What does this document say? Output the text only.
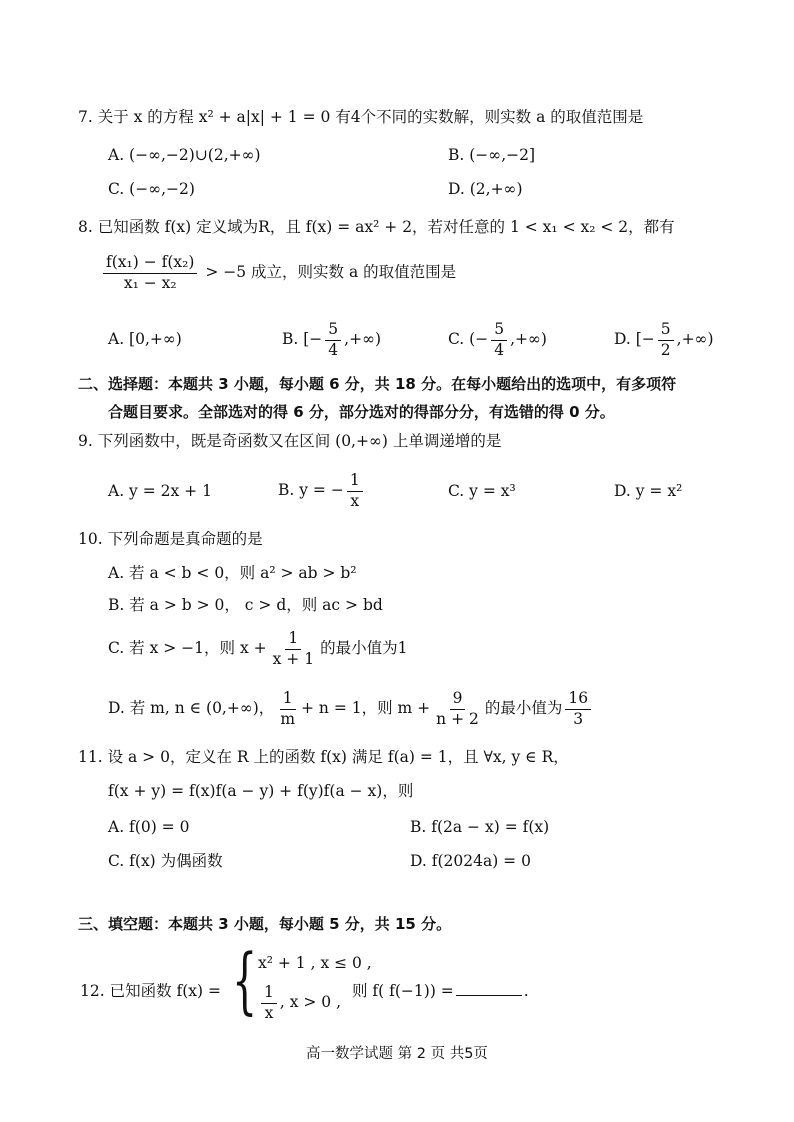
7. 关于 x 的方程 x² + a|x| + 1 = 0 有4个不同的实数解，则实数 a 的取值范围是
A. (−∞,−2)∪(2,+∞)	B. (−∞,−2]
C. (−∞,−2)	D. (2,+∞)
8. 已知函数 f(x) 定义域为R，且 f(x) = ax² + 2，若对任意的 1 < x₁ < x₂ < 2，都有
$\frac{\text{f(x₁) − f(x₂)}}{\text{x₁ − x₂}} > -5$ 成立，则实数 a 的取值范围是
A. [0,+∞)	B. [− $\frac{5}{4}$ ,+∞)	C. (− $\frac{5}{4}$ ,+∞)	D. [− $\frac{5}{2}$ ,+∞)
二、选择题：本题共 3 小题，每小题 6 分，共 18 分。在每小题给出的选项中，有多项符
合题目要求。全部选对的得 6 分，部分选对的得部分分，有选错的得 0 分。
9. 下列函数中，既是奇函数又在区间 (0,+∞) 上单调递增的是
A. y = 2x + 1	B. y = − $\frac{1}{x}$	C. y = x³	D. y = x²
10. 下列命题是真命题的是
A. 若 a < b < 0，则 a² > ab > b²
B. 若 a > b > 0， c > d，则 ac > bd
C. 若 x > −1，则 $x + \frac{1}{x + 1}$ 的最小值为1
D. 若 m, n ∈ (0,+∞)， $\frac{1}{m} + n = 1$，则 $m + \frac{9}{n + 2}$ 的最小值为 $\frac{16}{3}$
11. 设 a > 0，定义在 R 上的函数 f(x) 满足 f(a) = 1，且 ∀x, y ∈ R，
f(x + y) = f(x)f(a − y) + f(y)f(a − x)，则
A. f(0) = 0	B. f(2a − x) = f(x)
C. f(x) 为偶函数	D. f(2024a) = 0
三、填空题：本题共 3 小题，每小题 5 分，共 15 分。
12. 已知函数 f(x) = { x² + 1 , x ≤ 0 ,
$\frac{1}{x}$ , x > 0 ,
则 f( f(−1)) =	.
高一数学试题 第 2 页 共5页
